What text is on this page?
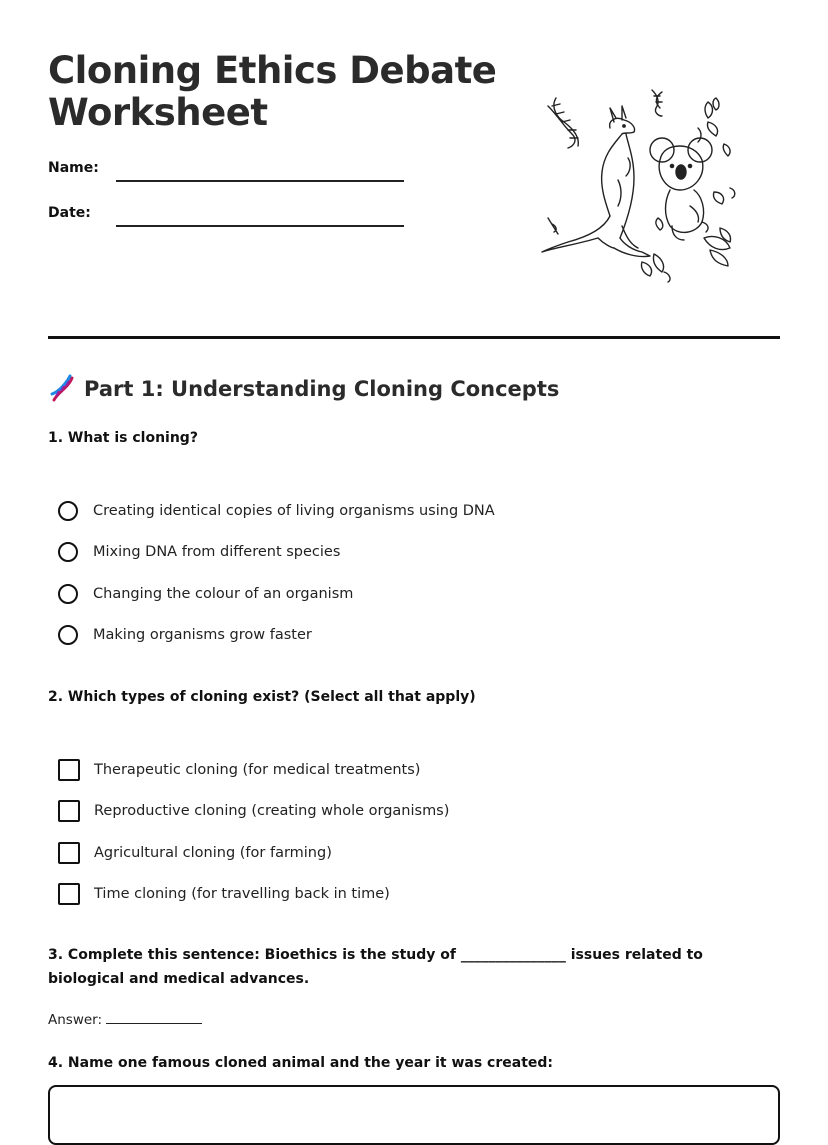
Cloning Ethics Debate Worksheet
Name:
Date:
Part 1: Understanding Cloning Concepts
1. What is cloning?
Creating identical copies of living organisms using DNA
Mixing DNA from different species
Changing the colour of an organism
Making organisms grow faster
2. Which types of cloning exist? (Select all that apply)
Therapeutic cloning (for medical treatments)
Reproductive cloning (creating whole organisms)
Agricultural cloning (for farming)
Time cloning (for travelling back in time)
3. Complete this sentence: Bioethics is the study of _______________ issues related to biological and medical advances.
Answer:
4. Name one famous cloned animal and the year it was created:
